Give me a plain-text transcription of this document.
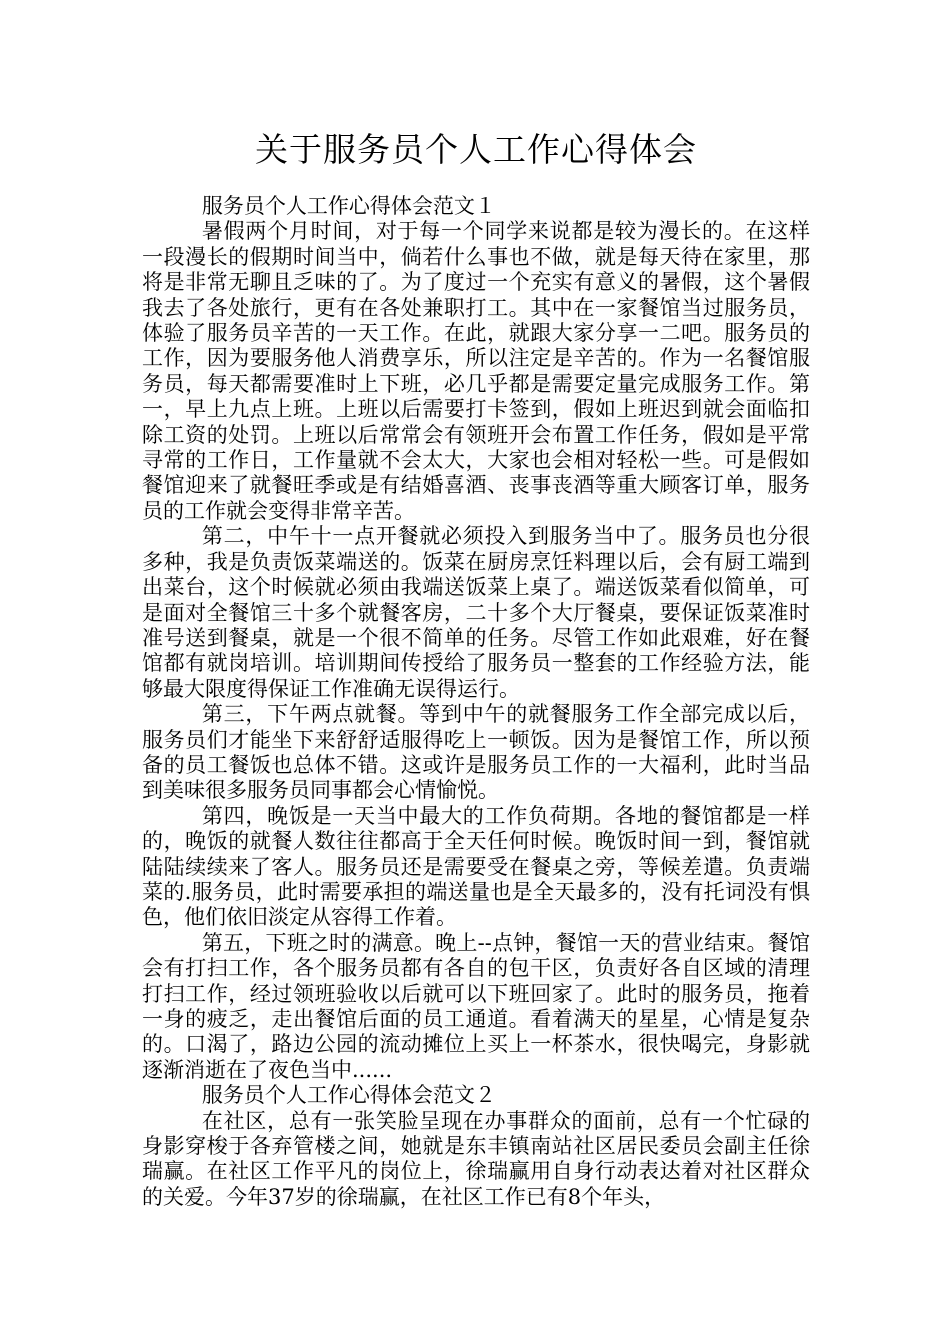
关于服务员个人工作心得体会

服务员个人工作心得体会范文１

暑假两个月时间，对于每一个同学来说都是较为漫长的。在这样一段漫长的假期时间当中，倘若什么事也不做，就是每天待在家里，那将是非常无聊且乏味的了。为了度过一个充实有意义的暑假，这个暑假我去了各处旅行，更有在各处兼职打工。其中在一家餐馆当过服务员，体验了服务员辛苦的一天工作。在此，就跟大家分享一二吧。服务员的工作，因为要服务他人消费享乐，所以注定是辛苦的。作为一名餐馆服务员，每天都需要准时上下班，必几乎都是需要定量完成服务工作。第一，早上九点上班。上班以后需要打卡签到，假如上班迟到就会面临扣除工资的处罚。上班以后常常会有领班开会布置工作任务，假如是平常寻常的工作日，工作量就不会太大，大家也会相对轻松一些。可是假如餐馆迎来了就餐旺季或是有结婚喜酒、丧事丧酒等重大顾客订单，服务员的工作就会变得非常辛苦。

第二，中午十一点开餐就必须投入到服务当中了。服务员也分很多种，我是负责饭菜端送的。饭菜在厨房烹饪料理以后，会有厨工端到出菜台，这个时候就必须由我端送饭菜上桌了。端送饭菜看似简单，可是面对全餐馆三十多个就餐客房，二十多个大厅餐桌，要保证饭菜准时准号送到餐桌，就是一个很不简单的任务。尽管工作如此艰难，好在餐馆都有就岗培训。培训期间传授给了服务员一整套的工作经验方法，能够最大限度得保证工作准确无误得运行。

第三，下午两点就餐。等到中午的就餐服务工作全部完成以后，服务员们才能坐下来舒舒适服得吃上一顿饭。因为是餐馆工作，所以预备的员工餐饭也总体不错。这或许是服务员工作的一大福利，此时当品到美味很多服务员同事都会心情愉悦。

第四，晚饭是一天当中最大的工作负荷期。各地的餐馆都是一样的，晚饭的就餐人数往往都高于全天任何时候。晚饭时间一到，餐馆就陆陆续续来了客人。服务员还是需要受在餐桌之旁，等候差遣。负责端菜的.服务员，此时需要承担的端送量也是全天最多的，没有托词没有惧色，他们依旧淡定从容得工作着。

第五，下班之时的满意。晚上--点钟，餐馆一天的营业结束。餐馆会有打扫工作，各个服务员都有各自的包干区，负责好各自区域的清理打扫工作，经过领班验收以后就可以下班回家了。此时的服务员，拖着一身的疲乏，走出餐馆后面的员工通道。看着满天的星星，心情是复杂的。口渴了，路边公园的流动摊位上买上一杯茶水，很快喝完，身影就逐渐消逝在了夜色当中......

服务员个人工作心得体会范文２

在社区，总有一张笑脸呈现在办事群众的面前，总有一个忙碌的身影穿梭于各弃管楼之间，她就是东丰镇南站社区居民委员会副主任徐瑞赢。在社区工作平凡的岗位上，徐瑞赢用自身行动表达着对社区群众的关爱。今年37岁的徐瑞赢，在社区工作已有8个年头，
